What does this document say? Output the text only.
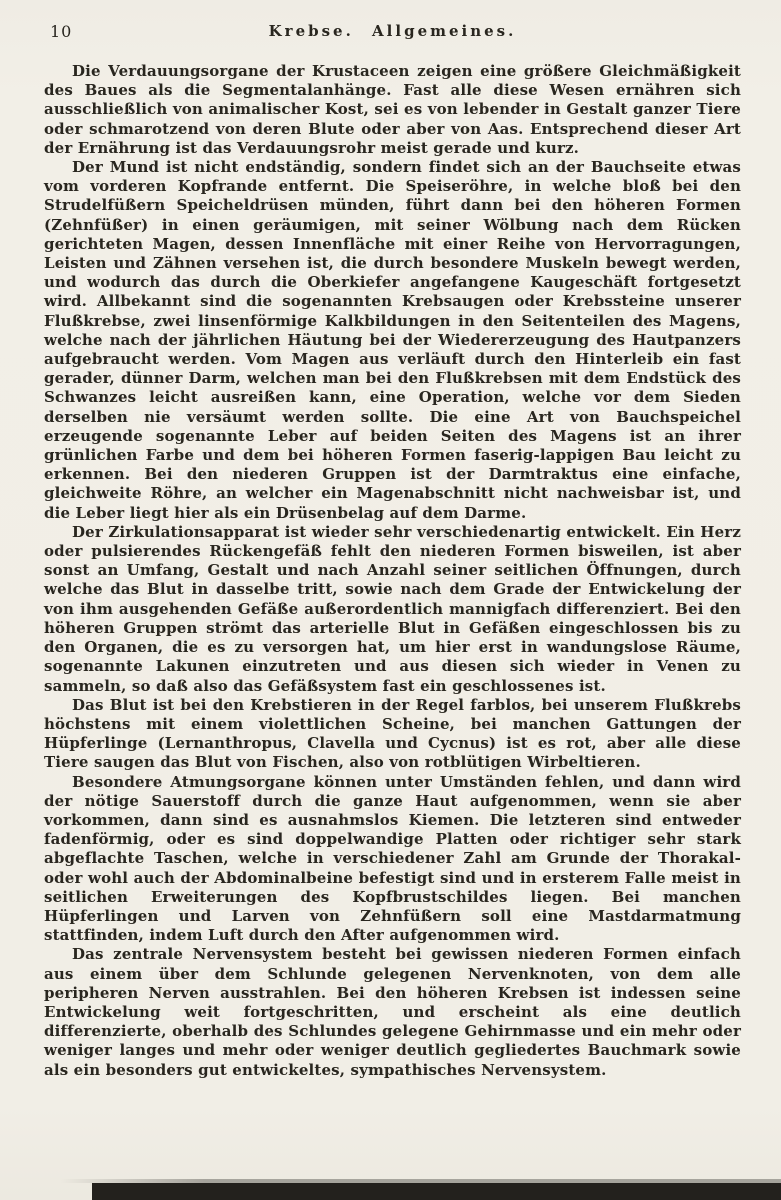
10	Krebse. Allgemeines.

Die Verdauungsorgane der Krustaceen zeigen eine größere Gleichmäßigkeit des Baues als die Segmentalanhänge. Fast alle diese Wesen ernähren sich ausschließlich von animalischer Kost, sei es von lebender in Gestalt ganzer Tiere oder schmarotzend von deren Blute oder aber von Aas. Entsprechend dieser Art der Ernährung ist das Verdauungsrohr meist gerade und kurz.

Der Mund ist nicht endständig, sondern findet sich an der Bauchseite etwas vom vorderen Kopfrande entfernt. Die Speiseröhre, in welche bloß bei den Strudelfüßern Speicheldrüsen münden, führt dann bei den höheren Formen (Zehnfüßer) in einen geräumigen, mit seiner Wölbung nach dem Rücken gerichteten Magen, dessen Innenfläche mit einer Reihe von Hervorragungen, Leisten und Zähnen versehen ist, die durch besondere Muskeln bewegt werden, und wodurch das durch die Oberkiefer angefangene Kaugeschäft fortgesetzt wird. Allbekannt sind die sogenannten Krebsaugen oder Krebssteine unserer Flußkrebse, zwei linsenförmige Kalkbildungen in den Seitenteilen des Magens, welche nach der jährlichen Häutung bei der Wiedererzeugung des Hautpanzers aufgebraucht werden. Vom Magen aus verläuft durch den Hinterleib ein fast gerader, dünner Darm, welchen man bei den Flußkrebsen mit dem Endstück des Schwanzes leicht ausreißen kann, eine Operation, welche vor dem Sieden derselben nie versäumt werden sollte. Die eine Art von Bauchspeichel erzeugende sogenannte Leber auf beiden Seiten des Magens ist an ihrer grünlichen Farbe und dem bei höheren Formen faserig-lappigen Bau leicht zu erkennen. Bei den niederen Gruppen ist der Darmtraktus eine einfache, gleichweite Röhre, an welcher ein Magenabschnitt nicht nachweisbar ist, und die Leber liegt hier als ein Drüsenbelag auf dem Darme.

Der Zirkulationsapparat ist wieder sehr verschiedenartig entwickelt. Ein Herz oder pulsierendes Rückengefäß fehlt den niederen Formen bisweilen, ist aber sonst an Umfang, Gestalt und nach Anzahl seiner seitlichen Öffnungen, durch welche das Blut in dasselbe tritt, sowie nach dem Grade der Entwickelung der von ihm ausgehenden Gefäße außerordentlich mannigfach differenziert. Bei den höheren Gruppen strömt das arterielle Blut in Gefäßen eingeschlossen bis zu den Organen, die es zu versorgen hat, um hier erst in wandungslose Räume, sogenannte Lakunen einzutreten und aus diesen sich wieder in Venen zu sammeln, so daß also das Gefäßsystem fast ein geschlossenes ist.

Das Blut ist bei den Krebstieren in der Regel farblos, bei unserem Flußkrebs höchstens mit einem violettlichen Scheine, bei manchen Gattungen der Hüpferlinge (Lernanthropus, Clavella und Cycnus) ist es rot, aber alle diese Tiere saugen das Blut von Fischen, also von rotblütigen Wirbeltieren.

Besondere Atmungsorgane können unter Umständen fehlen, und dann wird der nötige Sauerstoff durch die ganze Haut aufgenommen, wenn sie aber vorkommen, dann sind es ausnahmslos Kiemen. Die letzteren sind entweder fadenförmig, oder es sind doppelwandige Platten oder richtiger sehr stark abgeflachte Taschen, welche in verschiedener Zahl am Grunde der Thorakal- oder wohl auch der Abdominalbeine befestigt sind und in ersterem Falle meist in seitlichen Erweiterungen des Kopfbrustschildes liegen. Bei manchen Hüpferlingen und Larven von Zehnfüßern soll eine Mastdarmatmung stattfinden, indem Luft durch den After aufgenommen wird.

Das zentrale Nervensystem besteht bei gewissen niederen Formen einfach aus einem über dem Schlunde gelegenen Nervenknoten, von dem alle peripheren Nerven ausstrahlen. Bei den höheren Krebsen ist indessen seine Entwickelung weit fortgeschritten, und erscheint als eine deutlich differenzierte, oberhalb des Schlundes gelegene Gehirnmasse und ein mehr oder weniger langes und mehr oder weniger deutlich gegliedertes Bauchmark sowie als ein besonders gut entwickeltes, sympathisches Nervensystem.
